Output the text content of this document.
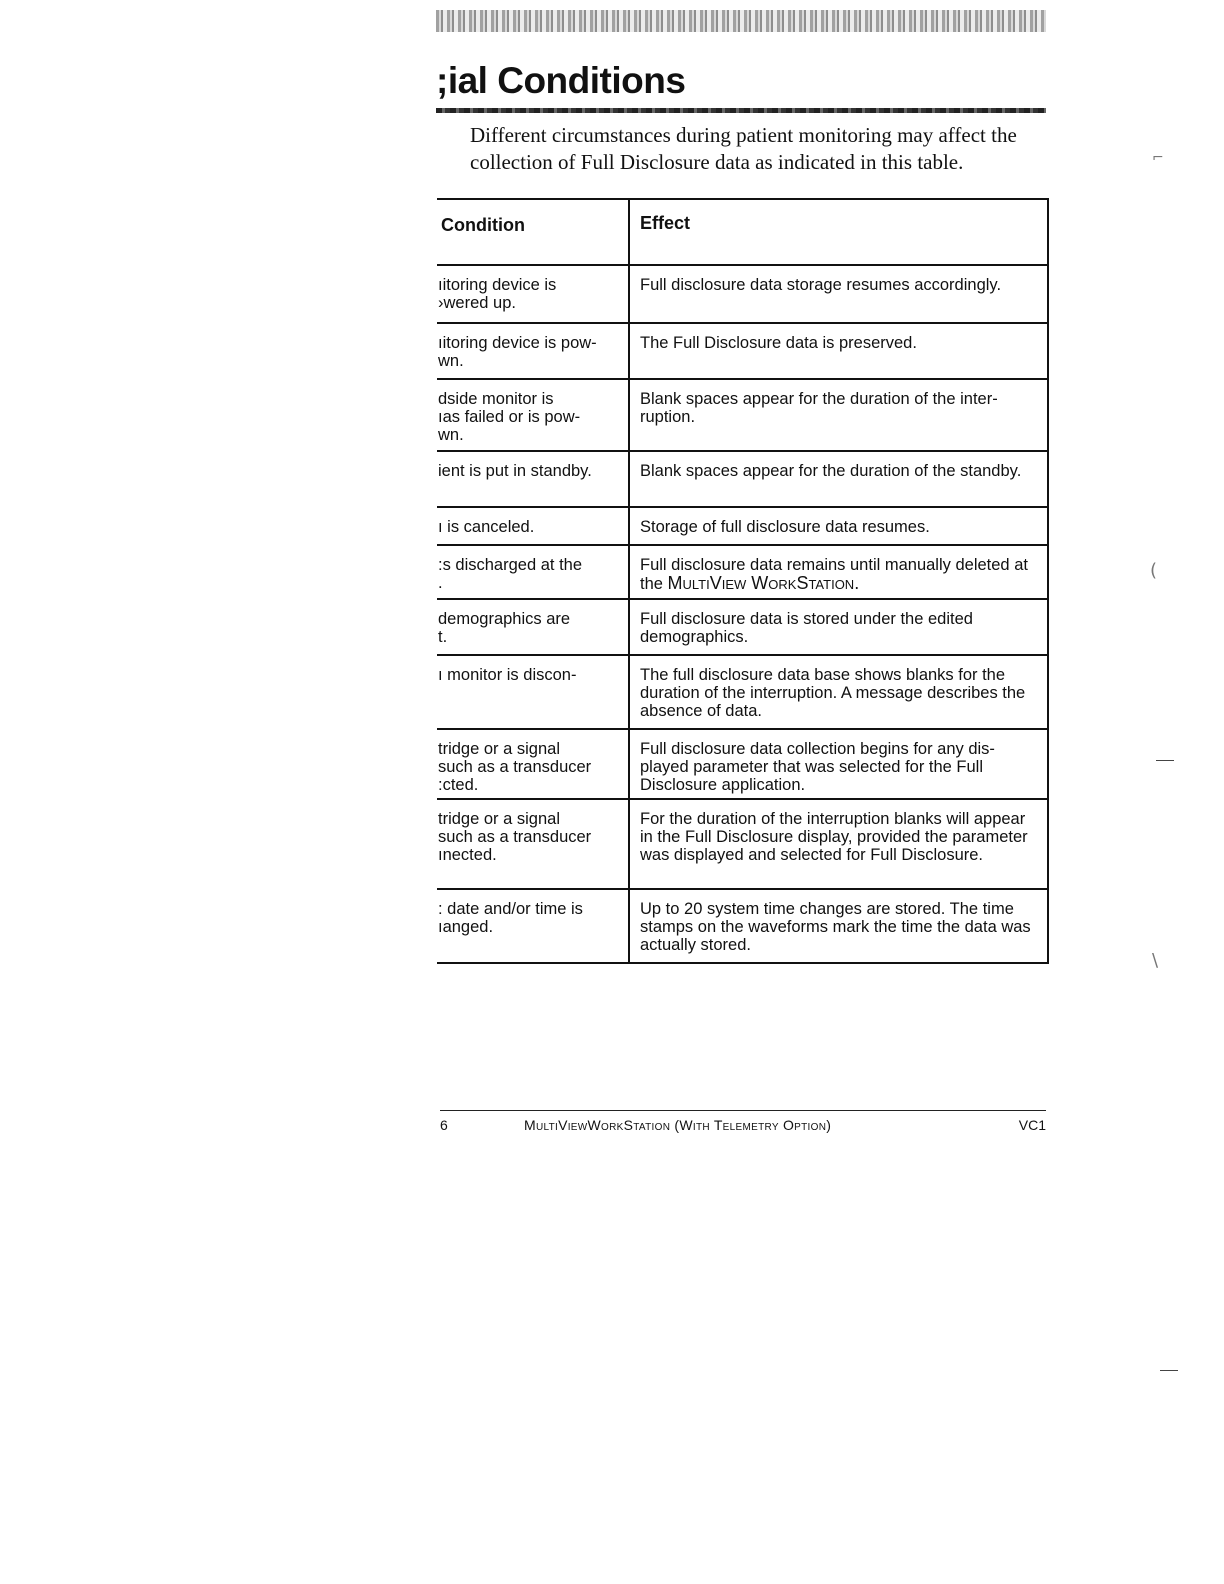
;ial Conditions

Different circumstances during patient monitoring may affect the collection of Full Disclosure data as indicated in this table.

Condition	Effect
ıitoring device is
›wered up.	Full disclosure data storage resumes accordingly.
ıitoring device is pow-
wn.	The Full Disclosure data is preserved.
dside monitor is
ıas failed or is pow-
wn.	Blank spaces appear for the duration of the inter-ruption.
ient is put in standby.	Blank spaces appear for the duration of the standby.
ı is canceled.	Storage of full disclosure data resumes.
:s discharged at the
.	Full disclosure data remains until manually deleted at the MultiView WorkStation.
demographics are
t.	Full disclosure data is stored under the edited demographics.
ı monitor is discon-	The full disclosure data base shows blanks for the duration of the interruption. A message describes the absence of data.
tridge or a signal
such as a transducer
:cted.	Full disclosure data collection begins for any dis-played parameter that was selected for the Full Disclosure application.
tridge or a signal
such as a transducer
ınected.	For the duration of the interruption blanks will appear in the Full Disclosure display, provided the parameter was displayed and selected for Full Disclosure.
: date and/or time is
ıanged.	Up to 20 system time changes are stored. The time stamps on the waveforms mark the time the data was actually stored.
6	MultiViewWorkStation (With Telemetry Option)	VC1
⌐
(
\
